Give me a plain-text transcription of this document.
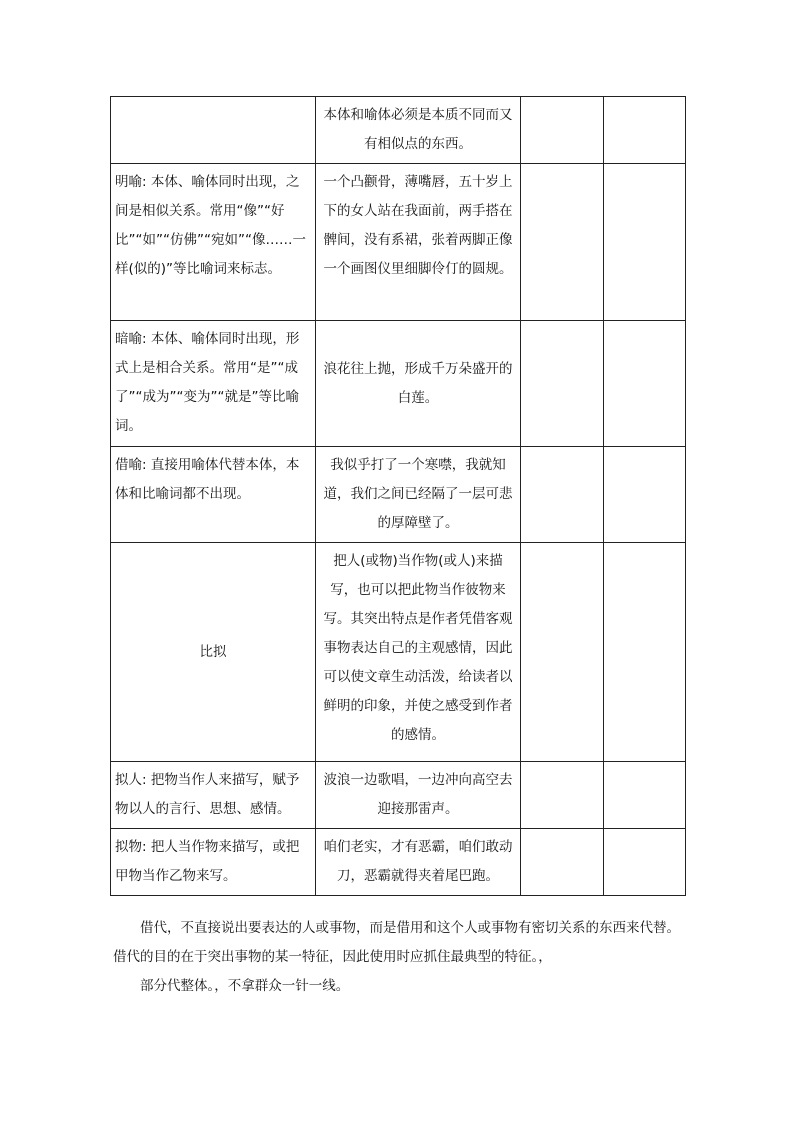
	本体和喻体必须是本质不同而又有相似点的东西。		
明喻: 本体、喻体同时出现，之间是相似关系。常用“像”“好比”“如”“仿佛”“宛如”“像……一样(似的)”等比喻词来标志。	一个凸颧骨，薄嘴唇，五十岁上下的女人站在我面前，两手搭在髀间，没有系裙，张着两脚正像一个画图仪里细脚伶仃的圆规。		
暗喻: 本体、喻体同时出现，形式上是相合关系。常用“是”“成了”“成为”“变为”“就是”等比喻词。	浪花往上抛，形成千万朵盛开的白莲。		
借喻: 直接用喻体代替本体，本体和比喻词都不出现。	我似乎打了一个寒噤，我就知道，我们之间已经隔了一层可悲的厚障壁了。		
比拟	把人(或物)当作物(或人)来描写，也可以把此物当作彼物来写。其突出特点是作者凭借客观事物表达自己的主观感情，因此可以使文章生动活泼，给读者以鲜明的印象，并使之感受到作者的感情。		
拟人: 把物当作人来描写，赋予物以人的言行、思想、感情。	波浪一边歌唱，一边冲向高空去迎接那雷声。		
拟物: 把人当作物来描写，或把甲物当作乙物来写。	咱们老实，才有恶霸，咱们敢动刀，恶霸就得夹着尾巴跑。		

借代，不直接说出要表达的人或事物，而是借用和这个人或事物有密切关系的东西来代替。借代的目的在于突出事物的某一特征，因此使用时应抓住最典型的特征。，

部分代整体。，不拿群众一针一线。
